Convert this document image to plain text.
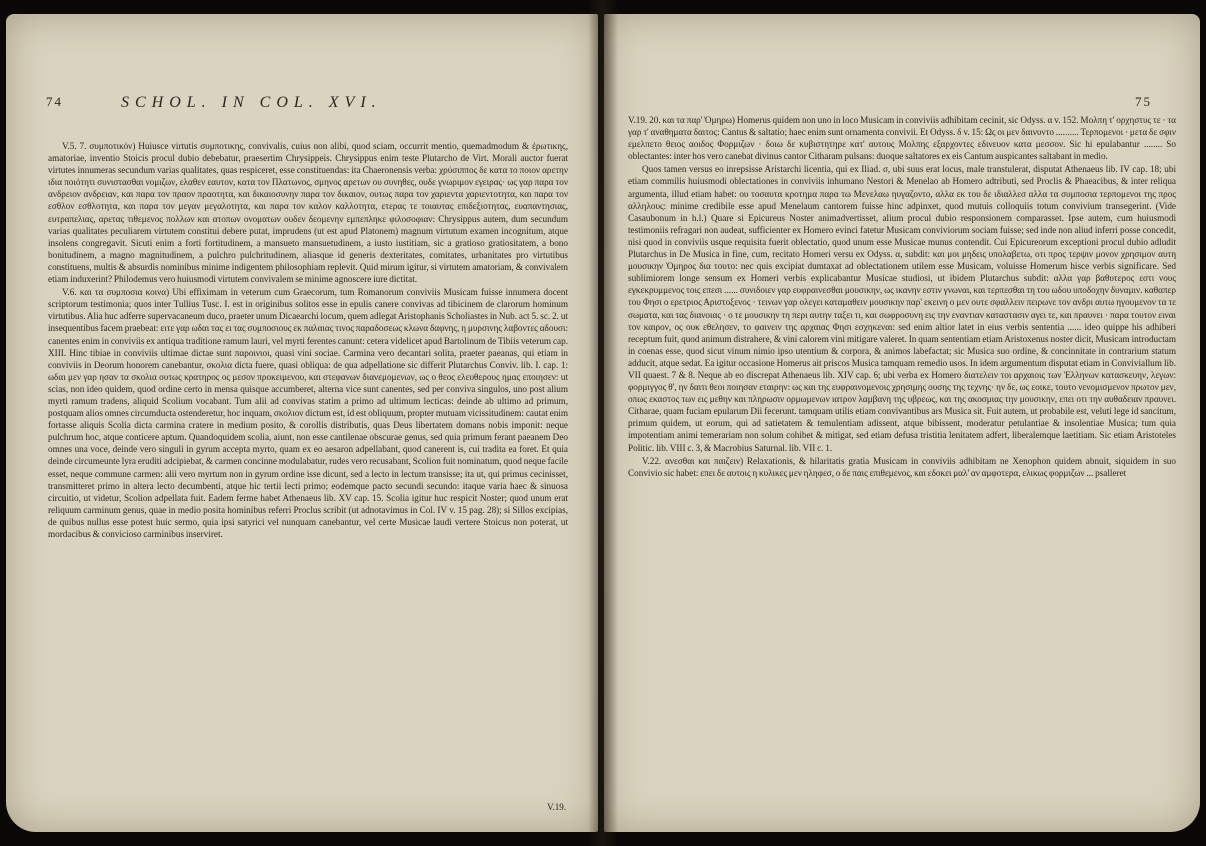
74	SCHOL. IN COL. XVI.

V.5. 7. συμποτικόν) Huiusce virtutis συμποτικης, convivalis, cuius non alibi, quod sciam, occurrit mentio, quemadmodum & ἐρωτικης, amatoriae, inventio Stoicis procul dubio debebatur, praesertim Chrysippeis. Chrysippus enim teste Plutarcho de Virt. Morali auctor fuerat virtutes innumeras secundum varias qualitates, quas respiceret, esse constituendas: ita Chaeronensis verba: χρύσιππος δε κατα το ποιον αρετην ιδια ποιότητι συνιστασθαι νομιζων, ελαθεν εαυτον, κατα τον Πλατωνος, σμηνος αρετων ου συνηθες, ουδε γνωριμον εγειρας· ως γαρ παρα τον ανδρειον ανδρειαν, και παρα τον πραον πραοτητα, και δικαιοσυνην παρα τον δικαιον, ουτως παρα τον χαριεντα χαριεντοτητα, και παρα τον εσθλον εσθλοτητα, και παρα τον μεγαν μεγαλοτητα, και παρα τον καλον καλλοτητα, ετερας τε τοιαυτας επιδεξιοτητας, ευαπαντησιας, ευτραπελιας, αρετας τιθεμενος πολλων και ατοπων ονοματων ουδεν δεομενην εμπεπληκε φιλοσοφιαν: Chrysippus autem, dum secundum varias qualitates peculiarem virtutem constitui debere putat, imprudens (ut est apud Platonem) magnum virtutum examen incognitum, atque insolens congregavit. Sicuti enim a forti fortitudinem, a mansueto mansuetudinem, a iusto iustitiam, sic a gratioso gratiositatem, a bono bonitudinem, a magno magnitudinem, a pulchro pulchritudinem, aliasque id generis dexteritates, comitates, urbanitates pro virtutibus constituens, multis & absurdis nominibus minime indigentem philosophiam replevit. Quid mirum igitur, si virtutem amatoriam, & convivalem etiam induxerint? Philodemus vero huiusmodi virtutem convivalem se minime agnoscere iure dictitat.

V.6. και τα συμποσια κοινα) Ubi effiximam in veterum cum Graecorum, tum Romanorum conviviis Musicam fuisse innumera docent scriptorum testimonia; quos inter Tullius Tusc. I. est in originibus solitos esse in epulis canere convivas ad tibicinem de clarorum hominum virtutibus. Alia huc adferre supervacaneum duco, praeter unum Dicaearchi locum, quem adlegat Aristophanis Scholiastes in Nub. act 5. sc. 2. ut insequentibus facem praebeat: ειτε γαρ ωδαι τας ει τας συμποσιους εκ παλαιας τινος παραδοσεως κλωνα δαφνης, η μυρσινης λαβοντες αδουσι: canentes enim in conviviis ex antiqua traditione ramum lauri, vel myrti ferentes canunt: cetera videlicet apud Bartolinum de Tibiis veterum cap. XIII. Hinc tibiae in conviviis ultimae dictae sunt παροινιοι, quasi vini sociae. Carmina vero decantari solita, praeter paeanas, qui etiam in conviviis in Deorum honorem canebantur, σκολια dicta fuere, quasi obliqua: de qua adpellatione sic differit Plutarchus Conviv. lib. I. cap. 1: ωδαι μεν γαρ ησαν τα σκολια ουτως κρατηρος ος μεσον προκειμενου, και στεφανων διανεμομενων, ως ο θεος ελευθερους ημας εποιησεν: ut scias, non ideo quidem, quod ordine certo in mensa quisque accumberet, alterna vice sunt canentes, sed per conviva singulos, uno post alium myrti ramum tradens, aliquid Scolium vocabant. Tum alii ad convivas statim a primo ad ultimum lecticas: deinde ab ultimo ad primum, postquam alios omnes circumducta ostenderetur, hoc inquam, σκολιον dictum est, id est obliquum, propter mutuam vicissitudinem: cautat enim fortasse aliquis Scolia dicta carmina cratere in medium posito, & corollis distributis, quas Deus libertatem domans nobis imponit: neque pulchrum hoc, atque conticere aptum. Quandoquidem scolia, aiunt, non esse cantilenae obscurae genus, sed quia primum ferant paeanem Deo omnes una voce, deinde vero singuli in gyrum accepta myrto, quam ex eo aesaron adpellabant, quod canerent is, cui tradita ea foret. Et quia deinde circumeunte lyra eruditi adcipiebat, & carmen concinne modulabatur, rudes vero recusabant, Scolion fuit nominatum, quod neque facile esset, neque commune carmen: alii vero myrtum non in gyrum ordine isse dicunt, sed a lecto in lectum transisse; ita ut, qui primus cecinisset, transmitteret primo in altera lecto decumbenti, atque hic tertii lecti primo; eodemque pacto secundi secundo: itaque varia haec & sinuosa circuitio, ut videtur, Scolion adpellata fuit. Eadem ferme habet Athenaeus lib. XV cap. 15. Scolia igitur huc respicit Noster; quod unum erat reliquum carminum genus, quae in medio posita hominibus referri Proclus scribit (ut adnotavimus in Col. IV v. 15 pag. 28); si Sillos excipias, de quibus nullus esse potest huic sermo, quia ipsi satyrici vel nunquam canebantur, vel certe Musicae laudi vertere Stoicus non poterat, ut mordacibus & convicioso carminibus inserviret.

V.19.
75

V.19. 20. και τα παρ' Ὁμηρω) Homerus quidem non uno in loco Musicam in conviviis adhibitam cecinit, sic Odyss. α v. 152. Μολπη τ' ορχηστυς τε · τα γαρ τ' αναθηματα δαιτος: Cantus & saltatio; haec enim sunt ornamenta convivii. Et Odyss. δ v. 15: Ως οι μεν δαινυντο .......... Τερπομενοι · μετα δε σφιν εμελπετο θειος αοιδος Φορμιζων · δοιω δε κυβιστητηρε κατ' αυτους Μολπης εξαρχοντες εδινευον κατα μεσσον. Sic hi epulabantur ........ So oblectantes: inter hos vero canebat divinus cantor Citharam pulsans: duoque saltatores ex eis Cantum auspicantes saltabant in medio.

Quos tamen versus eo inrepsisse Aristarchi licentia, qui ex Iliad. σ, ubi suus erat locus, male transtulerat, disputat Athenaeus lib. IV cap. 18; ubi etiam commilis huiusmodi oblectationes in conviviis inhumano Nestori & Menelao ab Homero adtributi, sed Proclis & Phaeacibus, & inter reliqua argumenta, illud etiam habet: ου τοσαυτα κροτημα παρα τω Μενελαω ηυγαζοντο, αλλα εκ του δε ιδιαλλεσ αλλα τα συμποσια τερπομενοι της προς αλληλους: minime credibile esse apud Menelaum cantorem fuisse hinc adpinxet, quod mutuis colloquiis totum convivium transegerint. (Vide Casaubonum in h.l.) Quare si Epicureus Noster animadvertisset, alium procul dubio responsionem comparasset. Ipse autem, cum huiusmodi testimoniis refragari non audeat, sufficienter ex Homero evinci fatetur Musicam conviviorum sociam fuisse; sed inde non aliud inferri posse concedit, nisi quod in conviviis usque requisita fuerit oblectatio, quod unum esse Musicae munus contendit. Cui Epicureorum exceptioni procul dubio adludit Plutarchus in De Musica in fine, cum, recitato Homeri versu ex Odyss. α, subdit: και μοι μηδεις υπολαβετω, οτι προς τερψιν μονον χρησιμον αυτη μουσικην Ὁμηρος δια τουτο: nec quis excipiat dumtaxat ad oblectationem utilem esse Musicam, voluisse Homerum hisce verbis significare. Sed sublimiorem longe sensum ex Homeri verbis explicabantur Musicae studiosi, ut ibidem Plutarchus subdit: αλλα γαρ βαθυτερος εστι νους εγκεκρυμμενος τοις επεσι ...... συνιδοιεν γαρ ευφραινεσθαι μουσικην, ως ικανην εστιν γνωναι, και τερπεσθαι τη του ωδου υποδοχην δυναμιν. καθαπερ του Φησι ο ερετριος Αριστοξενος · τεινων γαρ ολεγει καταμαθειν μουσικην παρ' εκεινη ο μεν ουτε σφαλλειν πειρωνε τον ανδρι αυτω ηγουμενον τα τε σωματα, και τας διανοιας · ο τε μουσικην τη περι αυτην ταξει τι, και σωφροσυνη εις την εναντιαν καταστασιν αγει τε, και πραυνει · παρα τουτον ειναι τον καιρον, ος ουκ εθελησεν, το φαινειν της αρχαιας Φησι εσχηκεναι: sed enim altior latet in eius verbis sententia ...... ideo quippe his adhiberi receptum fuit, quod animum distrahere, & vini calorem vini mitigare valeret. In quam sententiam etiam Aristoxenus noster dicit, Musicam introductam in coenas esse, quod sicut vinum nimio ipso utentium & corpora, & animos labefactat; sic Musica suo ordine, & concinnitate in contrarium statum adducit, atque sedat. Ea igitur occasione Homerus ait priscos Musica tamquam remedio usos. In idem argumentum disputat etiam in Conviviallum lib. VII quaest. 7 & 8. Neque ab eo discrepat Athenaeus lib. XIV cap. 6; ubi verba ex Homero διατελειν τοι αρχαιοις των Ἑλληνων κατασκευην, λεγων: φορμιγγος θ', ην δαιτι θεοι ποιησαν εταιρην: ως και της ευφραινομενοις χρησιμης ουσης της τεχνης· ην δε, ως εοικε, τουτο νενομισμενον πρωτον μεν, οπως εκαστος των εις μεθην και πληρωσιν ορμωμενων ιατρον λαμβανη της υβρεως, και της ακοσμιας την μουσικην, επει οτι την αυθαδειαν πραυνει. Citharae, quam fuciam epularum Dii fecerunt. tamquam utilis etiam convivantibus ars Musica sit. Fuit autem, ut probabile est, veluti lege id sancitum, primum quidem, ut eorum, qui ad satietatem & temulentiam adissent, atque bibissent, moderatur petulantiae & insolentiae Musica; tum quia impotentiam animi temerariam non solum cohibet & mitigat, sed etiam defusa tristitia lenitatem adfert, liberalemque laetitiam. Sic etiam Aristoteles Politic. lib. VIII c. 3, & Macrobius Saturnal. lib. VII c. 1.

V.22. ανεσθαι και παιζειν) Relaxationis, & hilaritatis gratia Musicam in conviviis adhibitam ne Xenophon quidem abnuit, siquidem in suo Convivio sic habet: επει δε αυτοις η κυλικες μεν ηληφεσ, ο δε παις επιθεμενος, και εδοκει μαλ' αν αμφοτερα, ελικως φορμιζων ... psalleret
